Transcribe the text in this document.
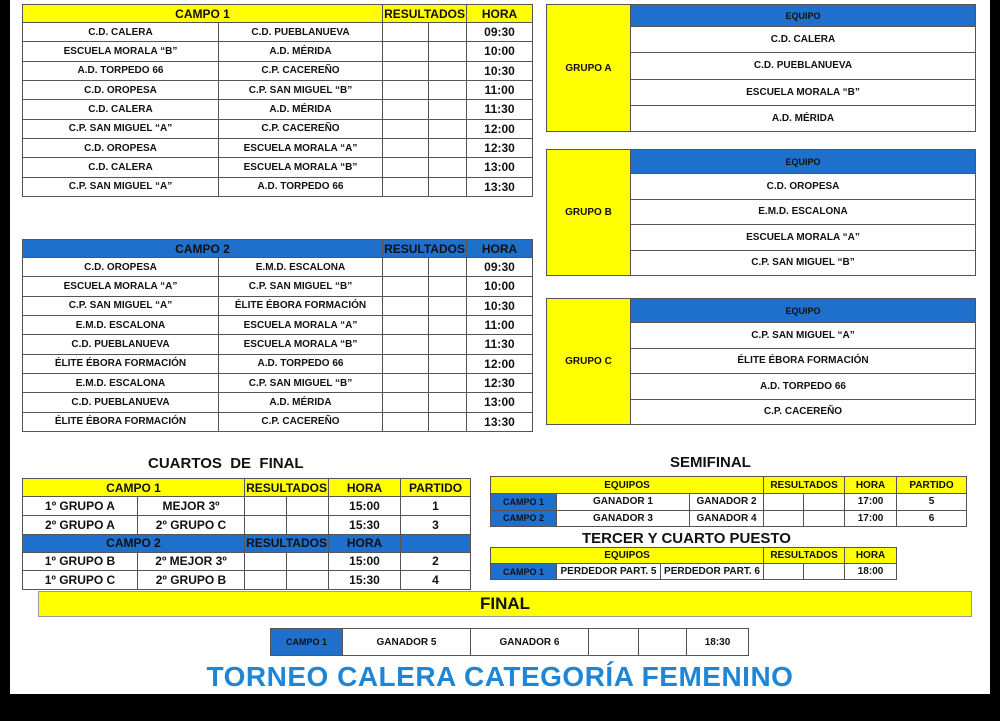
CAMPO 1		RESULTADOS		HORA
C.D. CALERA	C.D. PUEBLANUEVA			09:30
ESCUELA MORALA “B”	A.D. MÉRIDA			10:00
A.D. TORPEDO 66	C.P. CACEREÑO			10:30
C.D. OROPESA	C.P. SAN MIGUEL “B”			11:00
C.D. CALERA	A.D. MÉRIDA			11:30
C.P. SAN MIGUEL “A”	C.P. CACEREÑO			12:00
C.D. OROPESA	ESCUELA MORALA “A”			12:30
C.D. CALERA	ESCUELA MORALA “B”			13:00
C.P. SAN MIGUEL “A”	A.D. TORPEDO 66			13:30
CAMPO 2		RESULTADOS		HORA
C.D. OROPESA	E.M.D. ESCALONA			09:30
ESCUELA MORALA “A”	C.P. SAN MIGUEL “B”			10:00
C.P. SAN MIGUEL “A”	ÉLITE ÉBORA FORMACIÓN			10:30
E.M.D. ESCALONA	ESCUELA MORALA “A”			11:00
C.D. PUEBLANUEVA	ESCUELA MORALA “B”			11:30
ÉLITE ÉBORA FORMACIÓN	A.D. TORPEDO 66			12:00
E.M.D. ESCALONA	C.P. SAN MIGUEL “B”			12:30
C.D. PUEBLANUEVA	A.D. MÉRIDA			13:00
ÉLITE ÉBORA FORMACIÓN	C.P. CACEREÑO			13:30
GRUPO A	EQUIPO
C.D. CALERA
C.D. PUEBLANUEVA
ESCUELA MORALA “B”
A.D. MÉRIDA
GRUPO B	EQUIPO
C.D. OROPESA
E.M.D. ESCALONA
ESCUELA MORALA “A”
C.P. SAN MIGUEL “B”
GRUPO C	EQUIPO
C.P. SAN MIGUEL “A”
ÉLITE ÉBORA FORMACIÓN
A.D. TORPEDO 66
C.P. CACEREÑO
CUARTOS  DE  FINAL
CAMPO 1		RESULTADOS		HORA	PARTIDO
1º GRUPO A	MEJOR 3º			15:00	1
2º GRUPO A	2º GRUPO C			15:30	3
CAMPO 2		RESULTADOS		HORA	
1º GRUPO B	2º MEJOR 3º			15:00	2
1º GRUPO C	2º GRUPO B			15:30	4
SEMIFINAL
EQUIPOS			RESULTADOS		HORA	PARTIDO
CAMPO 1	GANADOR 1	GANADOR 2			17:00	5
CAMPO 2	GANADOR 3	GANADOR 4			17:00	6
TERCER Y CUARTO PUESTO
EQUIPOS			RESULTADOS		HORA
CAMPO 1	PERDEDOR PART. 5	PERDEDOR PART. 6			18:00
FINAL
CAMPO 1	GANADOR 5	GANADOR 6			18:30
TORNEO CALERA CATEGORÍA FEMENINO
